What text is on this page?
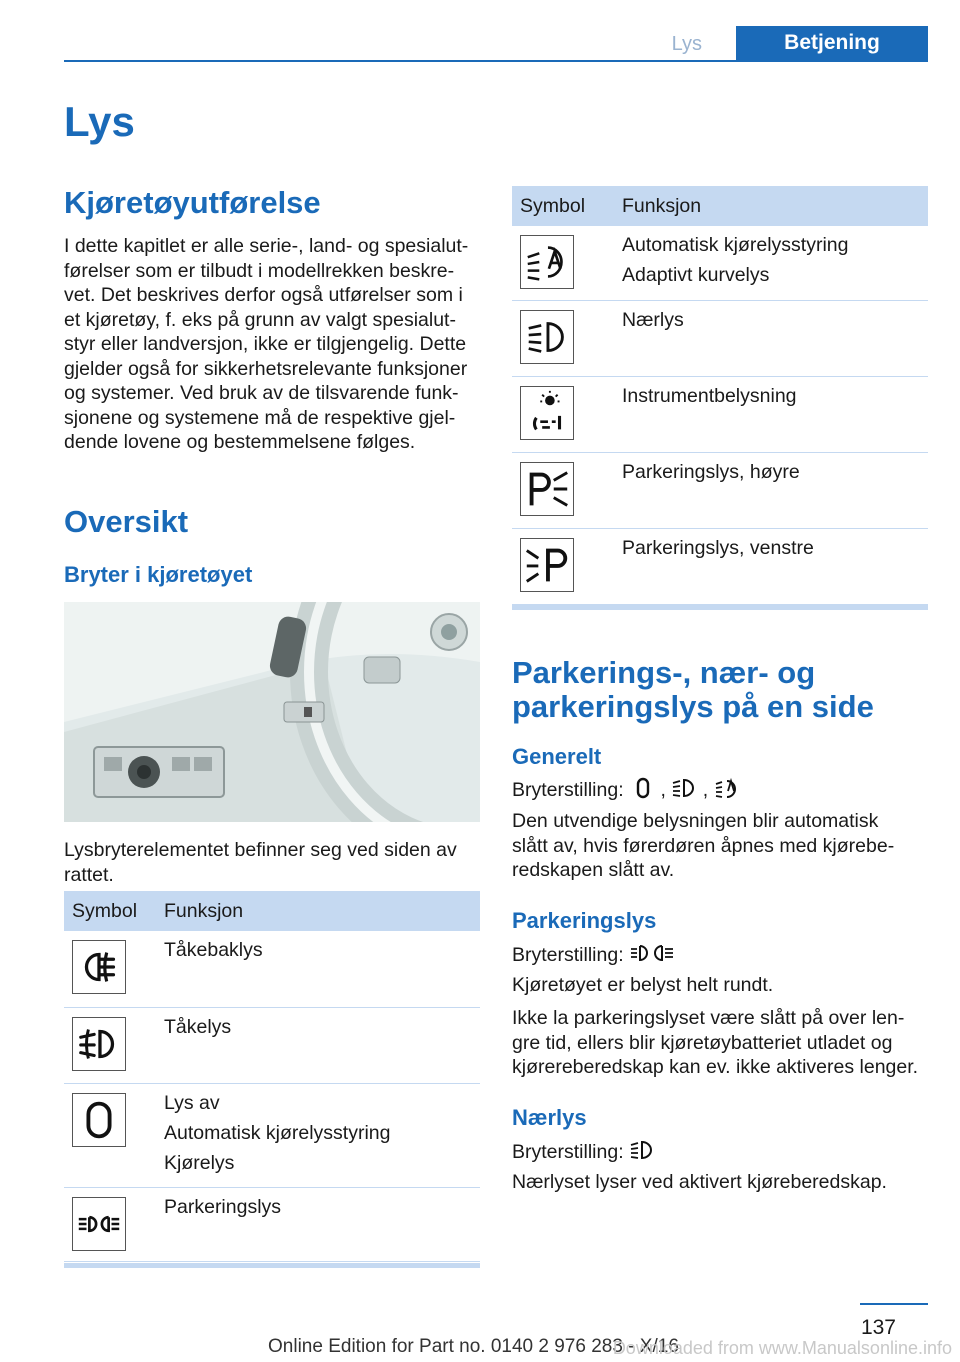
Lys	Betjening
Lys
Kjøretøyutførelse
I dette kapitlet er alle serie-, land- og spesialut‐
førelser som er tilbudt i modellrekken beskre‐
vet. Det beskrives derfor også utførelser som i
et kjøretøy, f. eks på grunn av valgt spesialut‐
styr eller landversjon, ikke er tilgjengelig. Dette
gjelder også for sikkerhetsrelevante funksjoner
og systemer. Ved bruk av de tilsvarende funk‐
sjonene og systemene må de respektive gjel‐
dende lovene og bestemmelsene følges.
Oversikt
Bryter i kjøretøyet
Lysbryterelementet befinner seg ved siden av
rattet.
Symbol	Funksjon

Tåkebaklys

Tåkelys

Lys av
Automatisk kjørelysstyring
Kjørelys

Parkeringslys
Symbol	Funksjon

Automatisk kjørelysstyring
Adaptivt kurvelys

Nærlys

Instrumentbelysning

Parkeringslys, høyre

Parkeringslys, venstre
Parkerings-, nær- og
parkeringslys på en side
Generelt
Bryterstilling: , ,
Den utvendige belysningen blir automatisk
slått av, hvis førerdøren åpnes med kjørebe‐
redskapen slått av.
Parkeringslys
Bryterstilling:
Kjøretøyet er belyst helt rundt.
Ikke la parkeringslyset være slått på over len‐
gre tid, ellers blir kjøretøybatteriet utladet og
kjørereberedskap kan ev. ikke aktiveres lenger.
Nærlys
Bryterstilling:
Nærlyset lyser ved aktivert kjøreberedskap.
137
Online Edition for Part no. 0140 2 976 283 - X/16
Downloaded from www.Manualsonline.info
